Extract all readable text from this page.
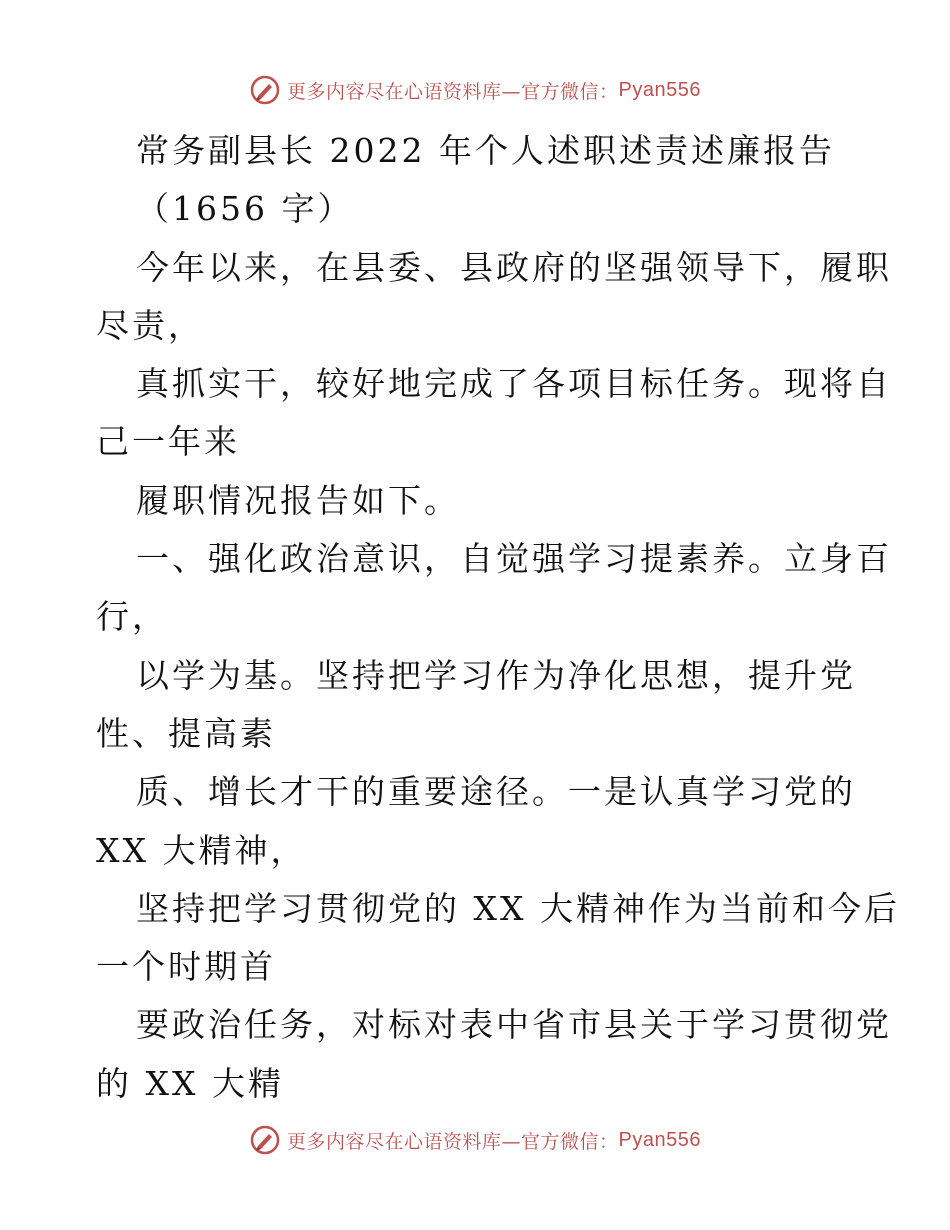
更多内容尽在心语资料库—官方微信： Pyan556
常务副县长 2022 年个人述职述责述廉报告
（1656 字）
今年以来，在县委、县政府的坚强领导下，履职
尽责，
真抓实干，较好地完成了各项目标任务。现将自
己一年来
履职情况报告如下。
一、强化政治意识，自觉强学习提素养。立身百
行，
以学为基。坚持把学习作为净化思想，提升党
性、提高素
质、增长才干的重要途径。一是认真学习党的
XX 大精神，
坚持把学习贯彻党的 XX 大精神作为当前和今后
一个时期首
要政治任务，对标对表中省市县关于学习贯彻党
的 XX 大精
更多内容尽在心语资料库—官方微信： Pyan556
